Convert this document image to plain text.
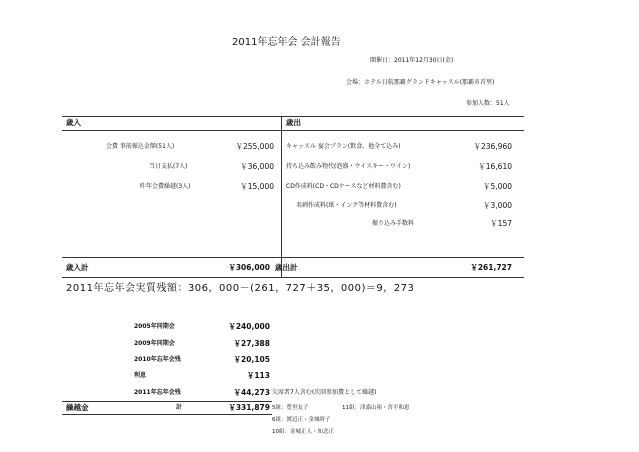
2011年忘年会 会計報告
開催日：2011年12月30日(金)
会場：ホテル日航那覇グランドキャッスル(那覇市首里)
参加人数：51人
歳入
会費 事前振込金額(51人)	￥255,000
当日支払(7人)	￥36,000
昨年会費繰越(3人)	￥15,000
歳出
キャッスル 宴会プラン(飲食、他全て込み)	￥236,960
持ち込み飲み物代(泡盛・ウイスキー・ワイン)	￥16,610
CD作成料(CD・CDケースなど材料費含む)	￥5,000
名刺作成料(紙・インク等材料費含む)	￥3,000
振り込み手数料	￥157
歳入計	￥306,000 歳出計	￥261,727
2011年忘年会実質残額：306，000－(261，727＋35，000)＝9，273
2005年同期会	￥240,000
2009年同期会	￥27,388
2010年忘年会残	￥20,105
利息	￥113
2011年忘年会残	￥44,273 欠席者7人含む(次回参加費として繰越)
繰越金	計	￥331,879 5組：豊里友子	11組：津嘉山裕・宮平和恵
6組：渡辺正・金城時子
10組：金城正人・知念正
